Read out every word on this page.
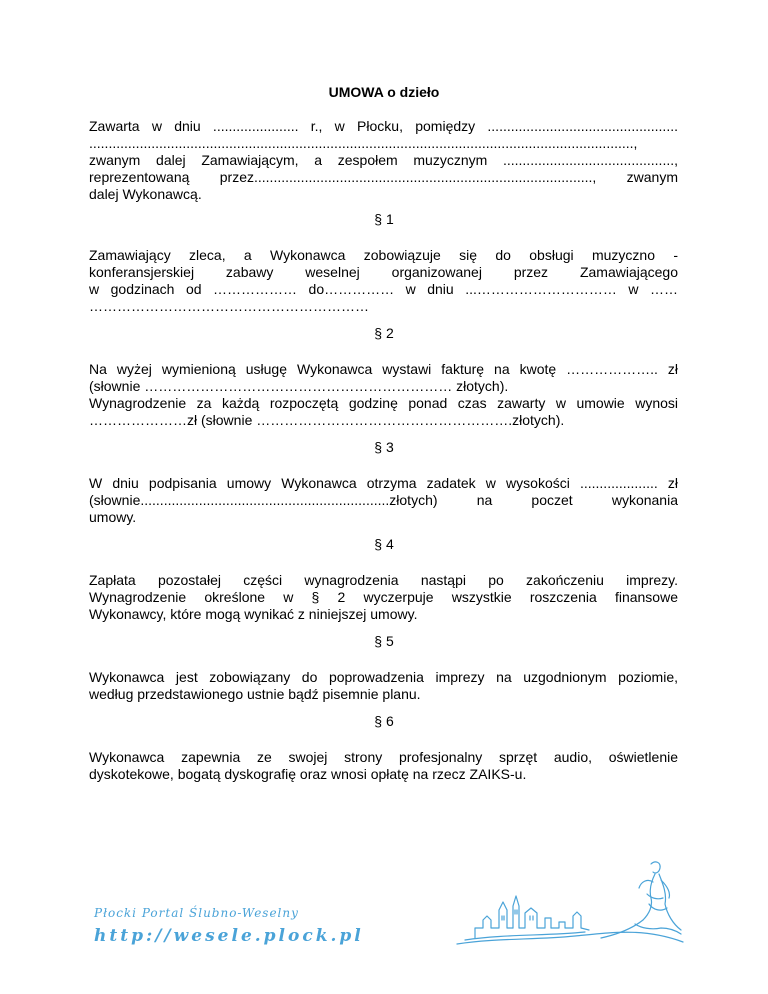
UMOWA o dzieło
Zawarta w dniu ...................... r., w Płocku, pomiędzy .................................................
............................................................................................................................................,
zwanym dalej Zamawiającym, a zespołem muzycznym ............................................,
reprezentowaną przez......................................................................................., zwanym
dalej Wykonawcą.
§ 1
Zamawiający zleca, a Wykonawca zobowiązuje się do obsługi muzyczno -
konferansjerskiej zabawy weselnej organizowanej przez Zamawiającego
w godzinach od ……………… do…………… w dniu ...………………………… w ……
……………………………………………………
§ 2
Na wyżej wymienioną usługę Wykonawca wystawi fakturę na kwotę ……………….. zł
(słownie ………………………………………………………… złotych).
Wynagrodzenie za każdą rozpoczętą godzinę ponad czas zawarty w umowie wynosi
…………………zł (słownie ……………………………………………….złotych).
§ 3
W dniu podpisania umowy Wykonawca otrzyma zadatek w wysokości .................... zł
(słownie................................................................złotych) na poczet wykonania
umowy.
§ 4
Zapłata pozostałej części wynagrodzenia nastąpi po zakończeniu imprezy.
Wynagrodzenie określone w § 2 wyczerpuje wszystkie roszczenia finansowe
Wykonawcy, które mogą wynikać z niniejszej umowy.
§ 5
Wykonawca jest zobowiązany do poprowadzenia imprezy na uzgodnionym poziomie,
według przedstawionego ustnie bądź pisemnie planu.
§ 6
Wykonawca zapewnia ze swojej strony profesjonalny sprzęt audio, oświetlenie
dyskotekowe, bogatą dyskografię oraz wnosi opłatę na rzecz ZAIKS-u.
Płocki Portal Ślubno-Weselny
http://wesele.plock.pl
